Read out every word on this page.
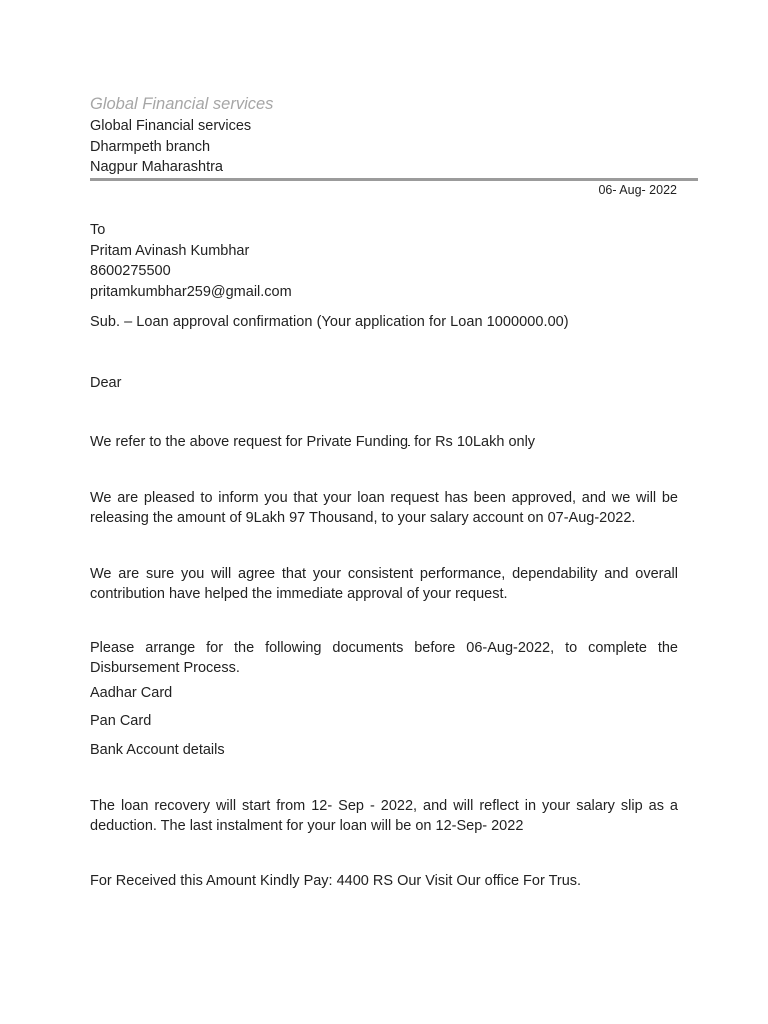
Global Financial services
Global Financial services
Dharmpeth branch
Nagpur Maharashtra
06- Aug- 2022
To
Pritam Avinash Kumbhar
8600275500
pritamkumbhar259@gmail.com
Sub. – Loan approval confirmation (Your application for Loan 1000000.00)
Dear
We refer to the above request for Private Funding for Rs 10Lakh only
We are pleased to inform you that your loan request has been approved, and we will be releasing the amount of 9Lakh 97 Thousand, to your salary account on 07-Aug-2022.
We are sure you will agree that your consistent performance, dependability and overall contribution have helped the immediate approval of your request.
Please arrange for the following documents before 06-Aug-2022, to complete the Disbursement Process.
Aadhar Card
Pan Card
Bank Account details
The loan recovery will start from 12- Sep - 2022, and will reflect in your salary slip as a deduction. The last instalment for your loan will be on 12-Sep- 2022
For Received this Amount Kindly Pay: 4400 RS Our Visit Our office For Trus.
